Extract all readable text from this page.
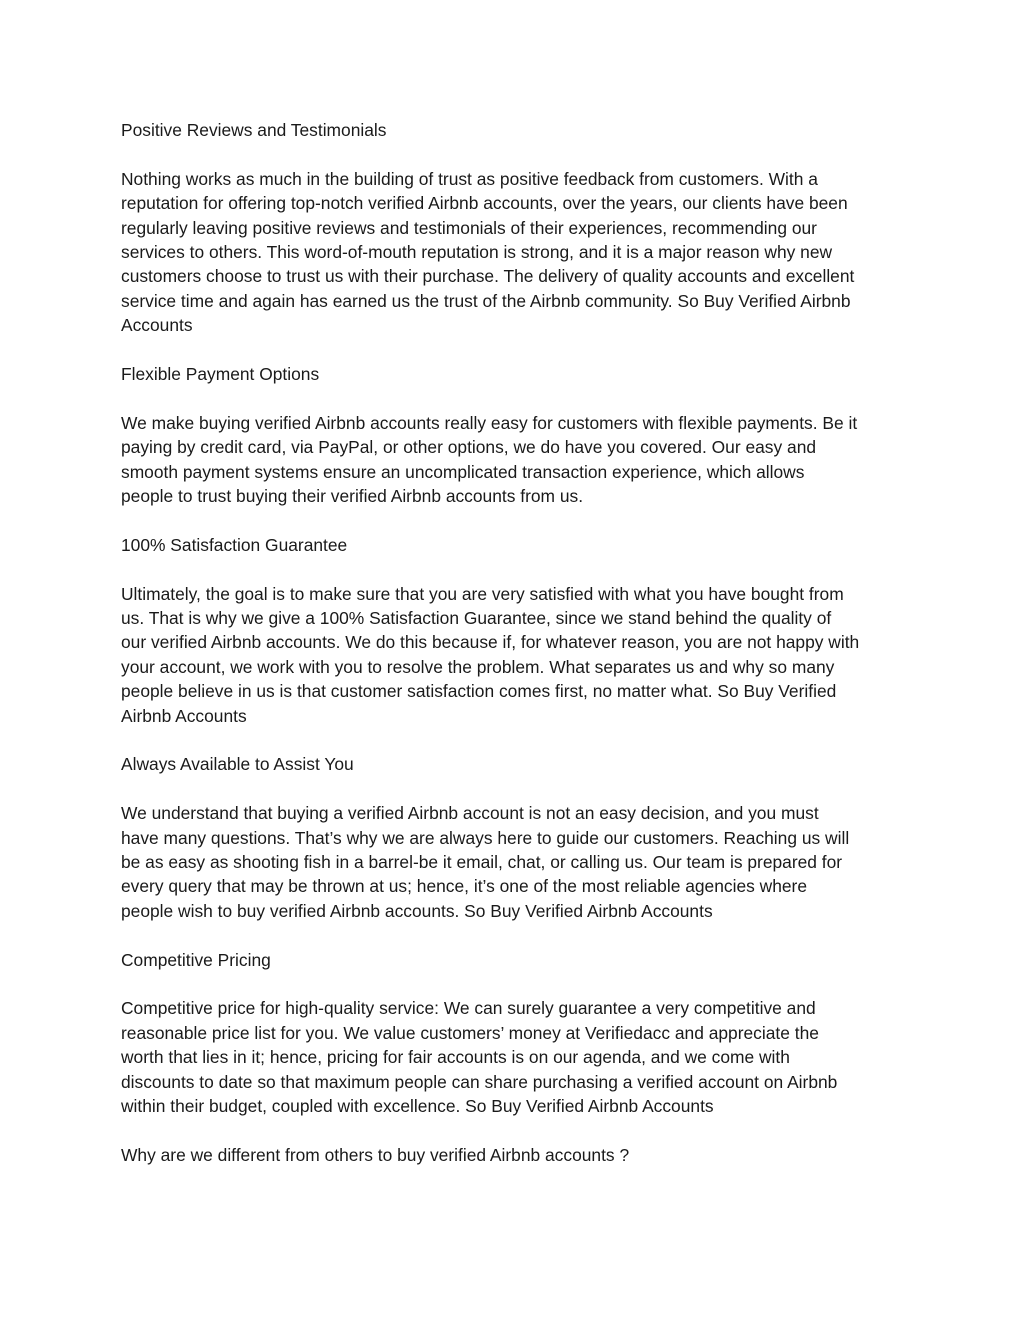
Positive Reviews and Testimonials
Nothing works as much in the building of trust as positive feedback from customers. With a
reputation for offering top-notch verified Airbnb accounts, over the years, our clients have been
regularly leaving positive reviews and testimonials of their experiences, recommending our
services to others. This word-of-mouth reputation is strong, and it is a major reason why new
customers choose to trust us with their purchase. The delivery of quality accounts and excellent
service time and again has earned us the trust of the Airbnb community. So Buy Verified Airbnb
Accounts
Flexible Payment Options
We make buying verified Airbnb accounts really easy for customers with flexible payments. Be it
paying by credit card, via PayPal, or other options, we do have you covered. Our easy and
smooth payment systems ensure an uncomplicated transaction experience, which allows
people to trust buying their verified Airbnb accounts from us.
100% Satisfaction Guarantee
Ultimately, the goal is to make sure that you are very satisfied with what you have bought from
us. That is why we give a 100% Satisfaction Guarantee, since we stand behind the quality of
our verified Airbnb accounts. We do this because if, for whatever reason, you are not happy with
your account, we work with you to resolve the problem. What separates us and why so many
people believe in us is that customer satisfaction comes first, no matter what. So Buy Verified
Airbnb Accounts
Always Available to Assist You
We understand that buying a verified Airbnb account is not an easy decision, and you must
have many questions. That’s why we are always here to guide our customers. Reaching us will
be as easy as shooting fish in a barrel-be it email, chat, or calling us. Our team is prepared for
every query that may be thrown at us; hence, it’s one of the most reliable agencies where
people wish to buy verified Airbnb accounts. So Buy Verified Airbnb Accounts
Competitive Pricing
Competitive price for high-quality service: We can surely guarantee a very competitive and
reasonable price list for you. We value customers’ money at Verifiedacc and appreciate the
worth that lies in it; hence, pricing for fair accounts is on our agenda, and we come with
discounts to date so that maximum people can share purchasing a verified account on Airbnb
within their budget, coupled with excellence. So Buy Verified Airbnb Accounts
Why are we different from others to buy verified Airbnb accounts ?
